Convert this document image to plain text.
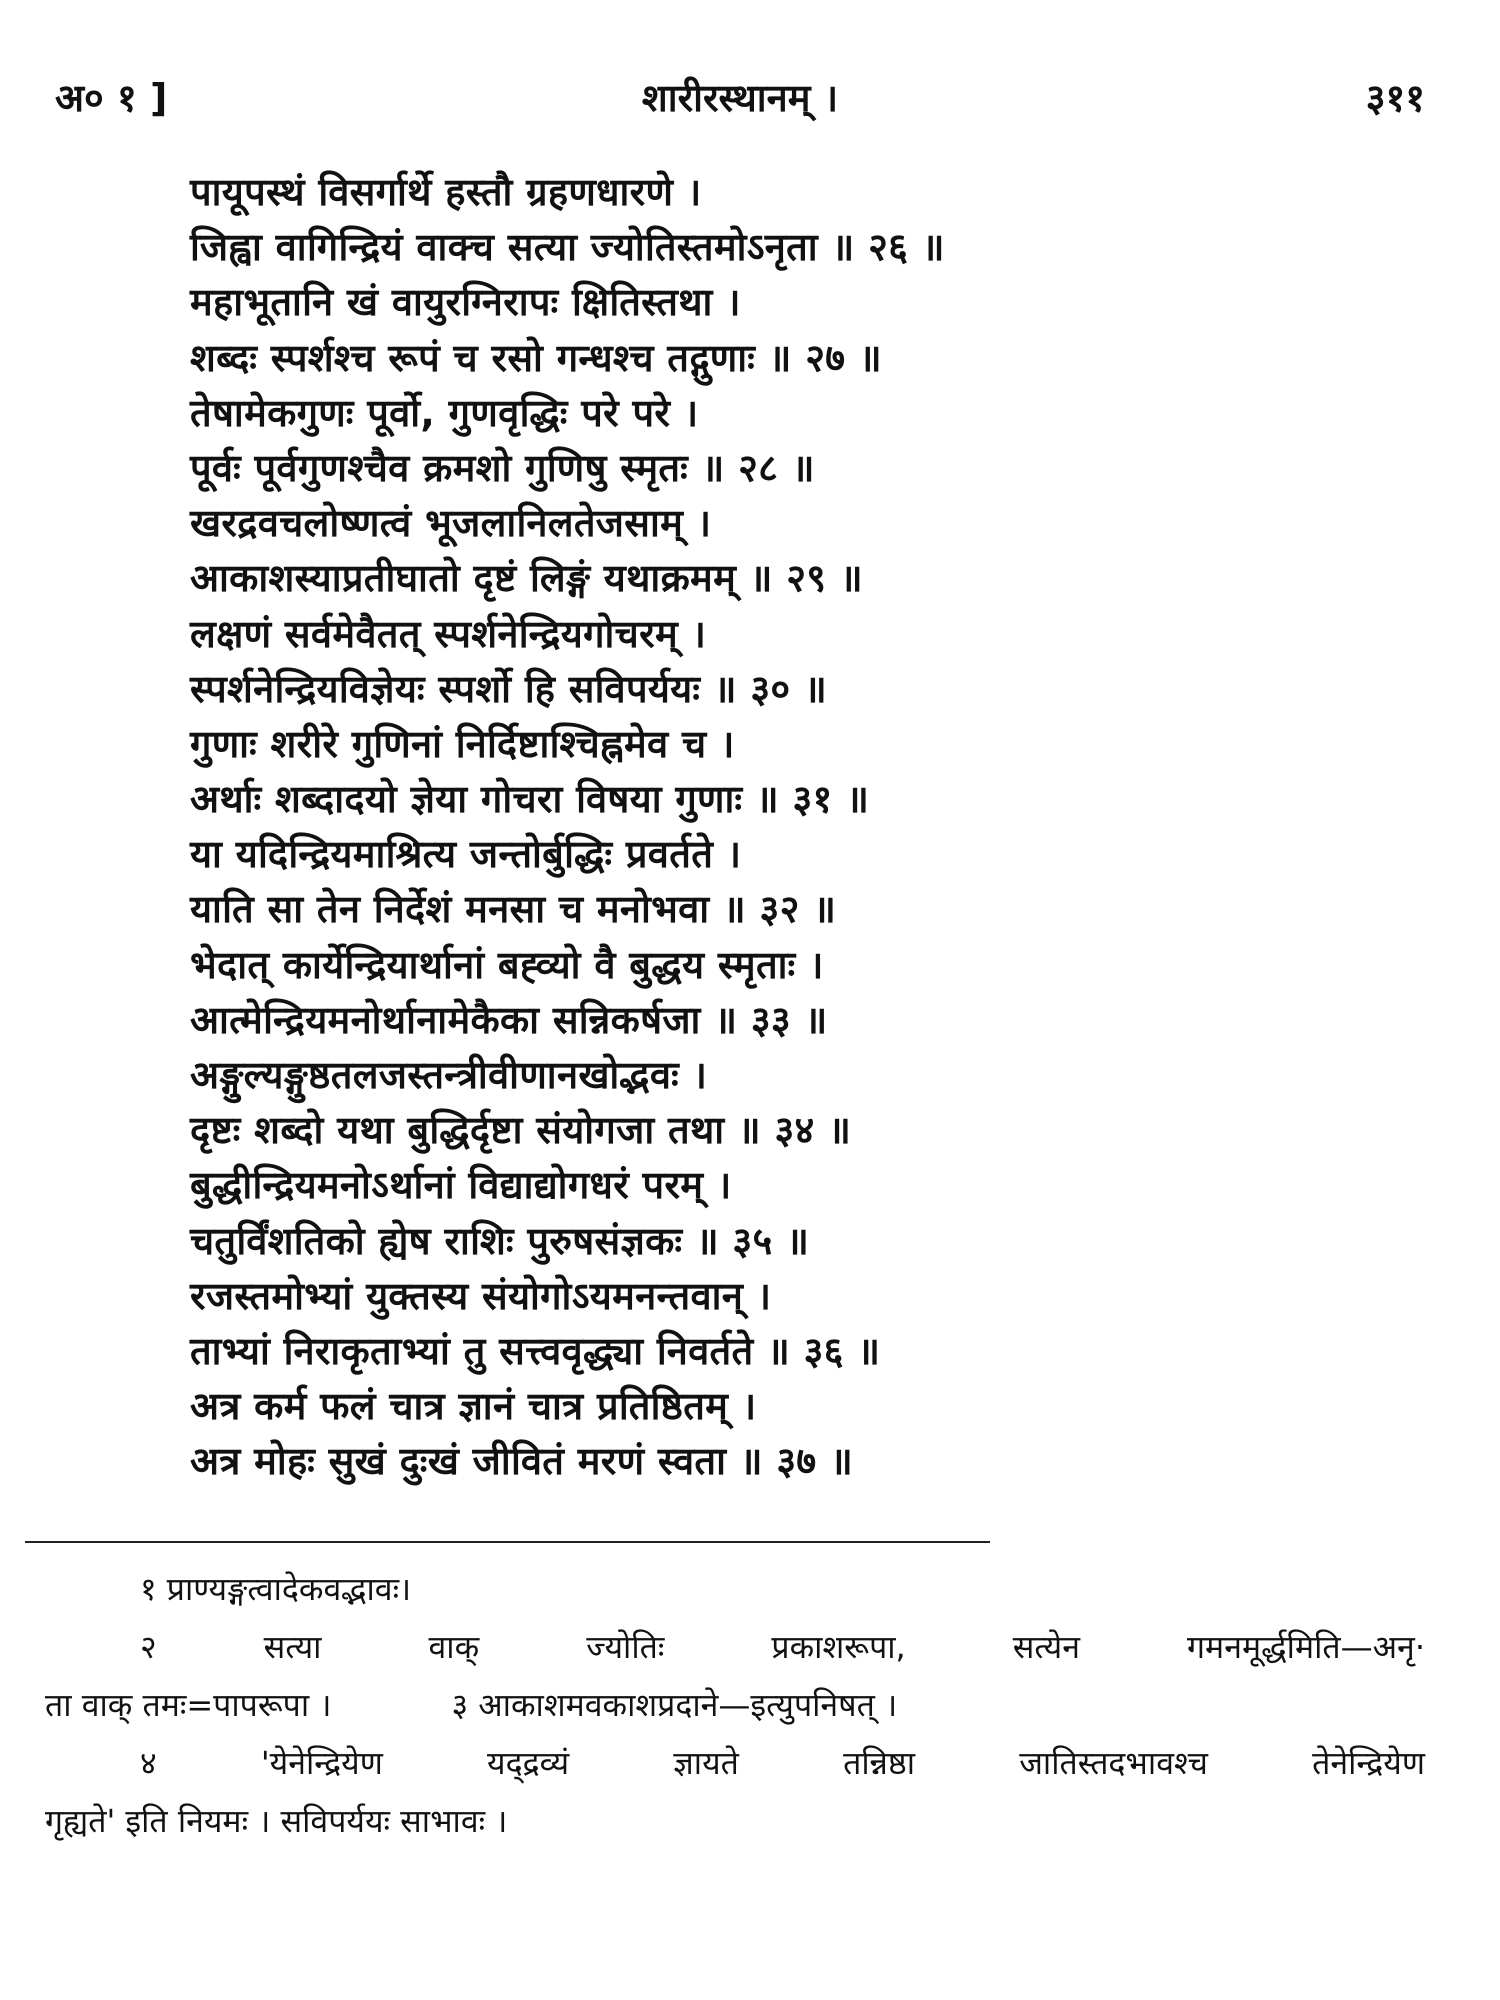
अ० १ ]	शारीरस्थानम् ।	३११
पायूपस्थं विसर्गार्थे हस्तौ ग्रहणधारणे ।
जिह्वा वागिन्द्रियं वाक्च सत्या ज्योतिस्तमोऽनृता ॥ २६ ॥
महाभूतानि खं वायुरग्निरापः क्षितिस्तथा ।
शब्दः स्पर्शश्च रूपं च रसो गन्धश्च तद्गुणाः ॥ २७ ॥
तेषामेकगुणः पूर्वो, गुणवृद्धिः परे परे ।
पूर्वः पूर्वगुणश्चैव क्रमशो गुणिषु स्मृतः ॥ २८ ॥
खरद्रवचलोष्णत्वं भूजलानिलतेजसाम् ।
आकाशस्याप्रतीघातो दृष्टं लिङ्गं यथाक्रमम् ॥ २९ ॥
लक्षणं सर्वमेवैतत् स्पर्शनेन्द्रियगोचरम् ।
स्पर्शनेन्द्रियविज्ञेयः स्पर्शो हि सविपर्ययः ॥ ३० ॥
गुणाः शरीरे गुणिनां निर्दिष्टाश्चिह्नमेव च ।
अर्थाः शब्दादयो ज्ञेया गोचरा विषया गुणाः ॥ ३१ ॥
या यदिन्द्रियमाश्रित्य जन्तोर्बुद्धिः प्रवर्तते ।
याति सा तेन निर्देशं मनसा च मनोभवा ॥ ३२ ॥
भेदात् कार्येन्द्रियार्थानां बह्व्यो वै बुद्धय स्मृताः ।
आत्मेन्द्रियमनोर्थानामेकैका सन्निकर्षजा ॥ ३३ ॥
अङ्गुल्यङ्गुष्ठतलजस्तन्त्रीवीणानखोद्भवः ।
दृष्टः शब्दो यथा बुद्धिर्दृष्टा संयोगजा तथा ॥ ३४ ॥
बुद्धीन्द्रियमनोऽर्थानां विद्याद्योगधरं परम् ।
चतुर्विंशतिको ह्येष राशिः पुरुषसंज्ञकः ॥ ३५ ॥
रजस्तमोभ्यां युक्तस्य संयोगोऽयमनन्तवान् ।
ताभ्यां निराकृताभ्यां तु सत्त्ववृद्ध्या निवर्तते ॥ ३६ ॥
अत्र कर्म फलं चात्र ज्ञानं चात्र प्रतिष्ठितम् ।
अत्र मोहः सुखं दुःखं जीवितं मरणं स्वता ॥ ३७ ॥

१ प्राण्यङ्गत्वादेकवद्भावः।

२ सत्या वाक् ज्योतिः प्रकाशरूपा, सत्येन गमनमूर्द्धमिति—अनृ·

ता वाक् तमः=पापरूपा ।	३ आकाशमवकाशप्रदाने—इत्युपनिषत् ।

४ 'येनेन्द्रियेण यद्द्रव्यं ज्ञायते तन्निष्ठा जातिस्तदभावश्च तेनेन्द्रियेण

गृह्यते' इति नियमः । सविपर्ययः साभावः ।
